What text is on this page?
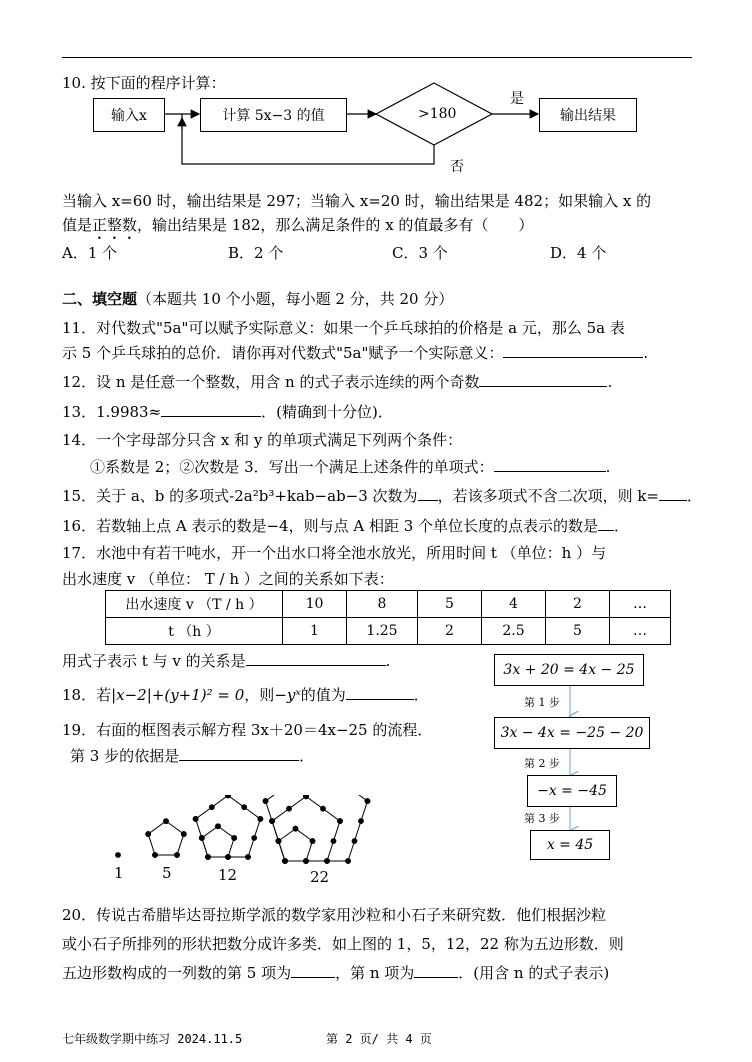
10. 按下面的程序计算：
输入x	计算 5x−3 的值	>180	输出结果
是
否
当输入 x=60 时，输出结果是 297；当输入 x=20 时，输出结果是 482；如果输入 x 的
值是正整数，输出结果是 182，那么满足条件的 x 的值最多有（　　）
A．1 个	B．2 个	C．3 个	D．4 个
二、填空题（本题共 10 个小题，每小题 2 分，共 20 分）
11．对代数式"5a"可以赋予实际意义：如果一个乒乓球拍的价格是 a 元，那么 5a 表
示 5 个乒乓球拍的总价．请你再对代数式"5a"赋予一个实际意义：	.
12．设 n 是任意一个整数，用含 n 的式子表示连续的两个奇数	.
13．1.9983≈	．(精确到十分位)．
14．一个字母部分只含 x 和 y 的单项式满足下列两个条件：
①系数是 2；②次数是 3．写出一个满足上述条件的单项式：	.
15．关于 a、b 的多项式-2a²b³+kab−ab−3 次数为 ，若该多项式不含二次项，则 k= ．
16．若数轴上点 A 表示的数是−4，则与点 A 相距 3 个单位长度的点表示的数是 ．
17．水池中有若干吨水，开一个出水口将全池水放光，所用时间 t （单位：h ）与
出水速度 v （单位： T / h ）之间的关系如下表：
出水速度 v （T / h ）	10	8	5	4	2	…
t （h ）	1	1.25	2	2.5	5	…
用式子表示 t 与 v 的关系是	.
18．若|x−2|+(y+1)² = 0，则−yˣ的值为	．
19．右面的框图表示解方程 3x＋20＝4x−25 的流程．
第 3 步的依据是	．
3x + 20 = 4x − 25
第 1 步
3x − 4x = −25 − 20
第 2 步
−x = −45
第 3 步
x = 45
1	5	12	22
20．传说古希腊毕达哥拉斯学派的数学家用沙粒和小石子来研究数．他们根据沙粒
或小石子所排列的形状把数分成许多类．如上图的 1，5，12，22 称为五边形数．则
五边形数构成的一列数的第 5 项为	，第 n 项为	．(用含 n 的式子表示)
七年级数学期中练习 2024.11.5	第 2 页/ 共 4 页
